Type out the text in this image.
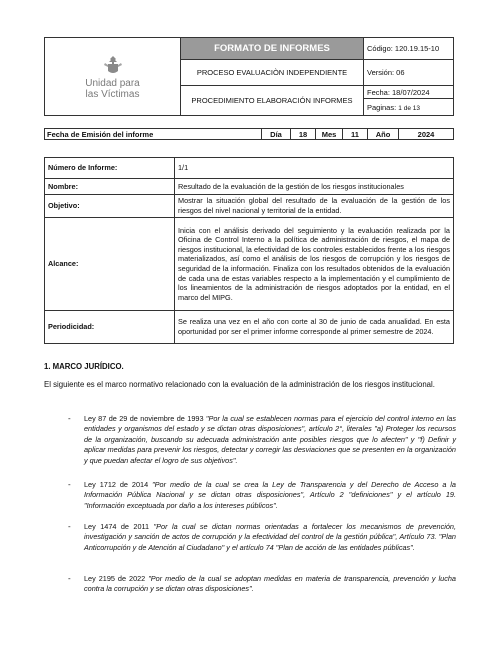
Unidad para
las Víctimas	FORMATO DE INFORMES	Código: 120.19.15-10
	PROCESO EVALUACIÒN INDEPENDIENTE	Versión: 06
	PROCEDIMIENTO ELABORACIÓN INFORMES	Fecha: 18/07/2024
		Paginas: 1 de 13
Fecha de Emisión del informe	Día	18	Mes	11	Año	2024
Número de Informe:	1/1
Nombre:	Resultado de la evaluación de la gestión de los riesgos institucionales
Objetivo:	Mostrar la situación global del resultado de la evaluación de la gestión de los riesgos del nivel nacional y territorial de la entidad.
Alcance:	Inicia con el análisis derivado del seguimiento y la evaluación realizada por la Oficina de Control Interno a la política de administración de riesgos, el mapa de riesgos institucional, la efectividad de los controles establecidos frente a los riesgos materializados, así como el análisis de los riesgos de corrupción y los riesgos de seguridad de la información. Finaliza con los resultados obtenidos de la evaluación de cada una de estas variables respecto a la implementación y el cumplimiento de los lineamientos de la administración de riesgos adoptados por la entidad, en el marco del MIPG.
Periodicidad:	Se realiza una vez en el año con corte al 30 de junio de cada anualidad. En esta oportunidad por ser el primer informe corresponde al primer semestre de 2024.
1. MARCO JURÍDICO.
El siguiente es el marco normativo relacionado con la evaluación de la administración de los riesgos institucional.
- Ley 87 de 29 de noviembre de 1993 "Por la cual se establecen normas para el ejercicio del control interno en las entidades y organismos del estado y se dictan otras disposiciones", artículo 2°, literales "a) Proteger los recursos de la organización, buscando su adecuada administración ante posibles riesgos que lo afecten" y "f) Definir y aplicar medidas para prevenir los riesgos, detectar y corregir las desviaciones que se presenten en la organización y que puedan afectar el logro de sus objetivos".
- Ley 1712 de 2014 "Por medio de la cual se crea la Ley de Transparencia y del Derecho de Acceso a la Información Pública Nacional y se dictan otras disposiciones", Artículo 2 "definiciones" y el artículo 19. "Información exceptuada por daño a los intereses públicos".
- Ley 1474 de 2011 "Por la cual se dictan normas orientadas a fortalecer los mecanismos de prevención, investigación y sanción de actos de corrupción y la efectividad del control de la gestión pública", Artículo 73. "Plan Anticorrupción y de Atención al Ciudadano" y el artículo 74 "Plan de acción de las entidades públicas".
- Ley 2195 de 2022 "Por medio de la cual se adoptan medidas en materia de transparencia, prevención y lucha contra la corrupción y se dictan otras disposiciones".
